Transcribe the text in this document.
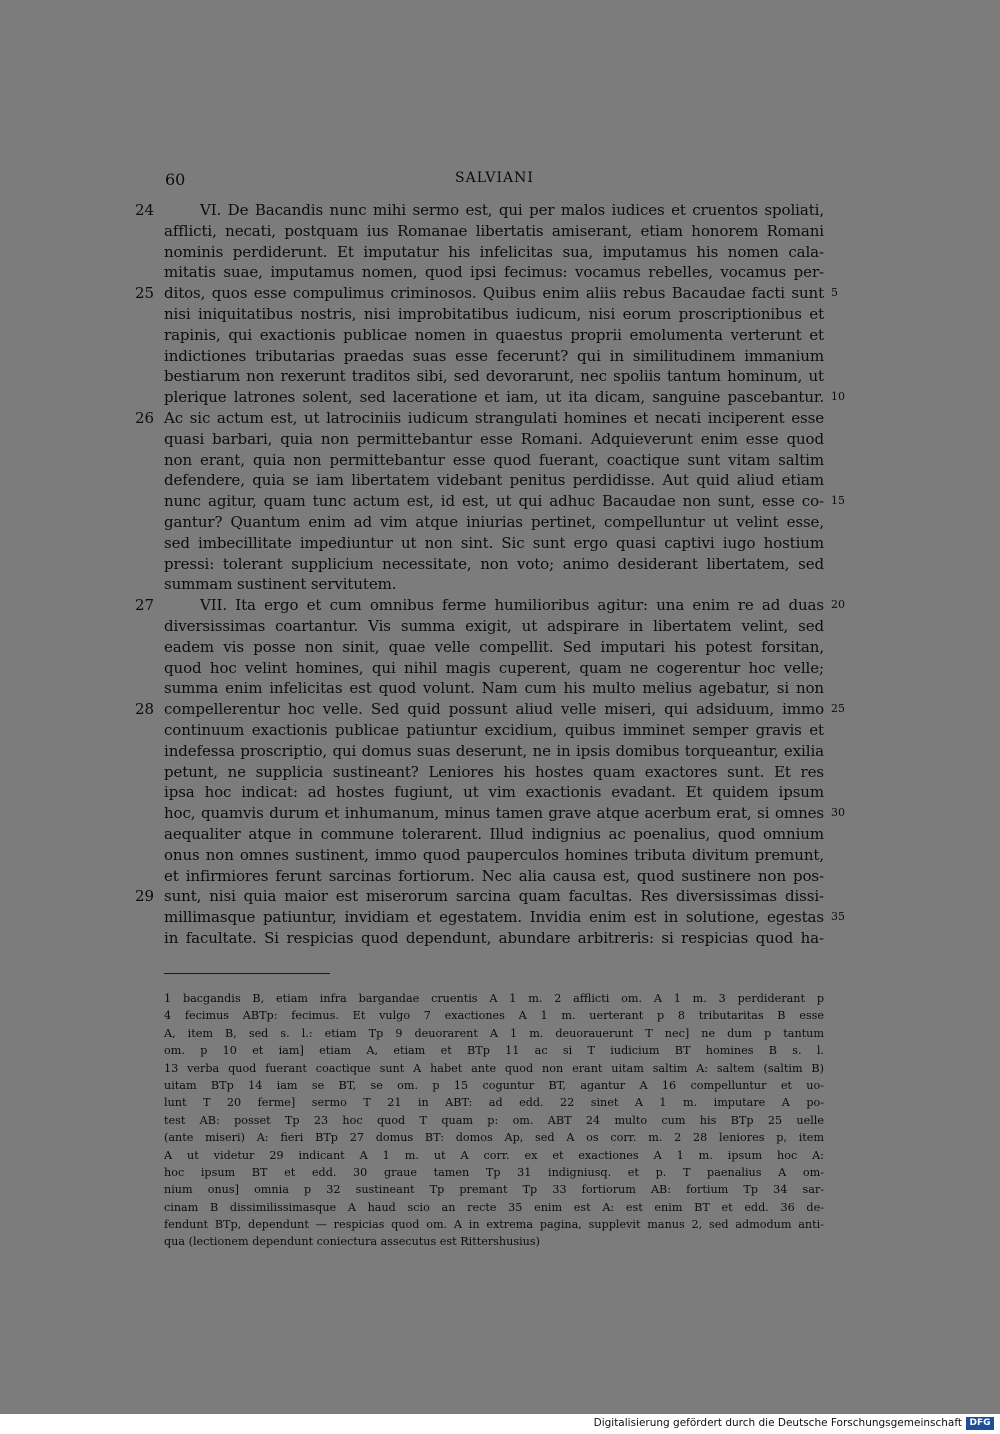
60	SALVIANI
24	VI. De Bacandis nunc mihi sermo est, qui per malos iudices et cruentos spoliati,
afflicti, necati, postquam ius Romanae libertatis amiserant, etiam honorem Romani
nominis perdiderunt. Et imputatur his infelicitas sua, imputamus his nomen cala-
mitatis suae, imputamus nomen, quod ipsi fecimus: vocamus rebelles, vocamus per-
25 ditos, quos esse compulimus criminosos. Quibus enim aliis rebus Bacaudae facti sunt 5
nisi iniquitatibus nostris, nisi improbitatibus iudicum, nisi eorum proscriptionibus et
rapinis, qui exactionis publicae nomen in quaestus proprii emolumenta verterunt et
indictiones tributarias praedas suas esse fecerunt? qui in similitudinem immanium
bestiarum non rexerunt traditos sibi, sed devorarunt, nec spoliis tantum hominum, ut
plerique latrones solent, sed laceratione et iam, ut ita dicam, sanguine pascebantur. 10
26 Ac sic actum est, ut latrociniis iudicum strangulati homines et necati inciperent esse
quasi barbari, quia non permittebantur esse Romani. Adquieverunt enim esse quod
non erant, quia non permittebantur esse quod fuerant, coactique sunt vitam saltim
defendere, quia se iam libertatem videbant penitus perdidisse. Aut quid aliud etiam
nunc agitur, quam tunc actum est, id est, ut qui adhuc Bacaudae non sunt, esse co- 15
gantur? Quantum enim ad vim atque iniurias pertinet, compelluntur ut velint esse,
sed imbecillitate impediuntur ut non sint. Sic sunt ergo quasi captivi iugo hostium
pressi: tolerant supplicium necessitate, non voto; animo desiderant libertatem, sed
summam sustinent servitutem.
27	VII. Ita ergo et cum omnibus ferme humilioribus agitur: una enim re ad duas 20
diversissimas coartantur. Vis summa exigit, ut adspirare in libertatem velint, sed
eadem vis posse non sinit, quae velle compellit. Sed imputari his potest forsitan,
quod hoc velint homines, qui nihil magis cuperent, quam ne cogerentur hoc velle;
summa enim infelicitas est quod volunt. Nam cum his multo melius agebatur, si non
28 compellerentur hoc velle. Sed quid possunt aliud velle miseri, qui adsiduum, immo 25
continuum exactionis publicae patiuntur excidium, quibus imminet semper gravis et
indefessa proscriptio, qui domus suas deserunt, ne in ipsis domibus torqueantur, exilia
petunt, ne supplicia sustineant? Leniores his hostes quam exactores sunt. Et res
ipsa hoc indicat: ad hostes fugiunt, ut vim exactionis evadant. Et quidem ipsum
hoc, quamvis durum et inhumanum, minus tamen grave atque acerbum erat, si omnes 30
aequaliter atque in commune tolerarent. Illud indignius ac poenalius, quod omnium
onus non omnes sustinent, immo quod pauperculos homines tributa divitum premunt,
et infirmiores ferunt sarcinas fortiorum. Nec alia causa est, quod sustinere non pos-
29 sunt, nisi quia maior est miserorum sarcina quam facultas. Res diversissimas dissi-
millimasque patiuntur, invidiam et egestatem. Invidia enim est in solutione, egestas 35
in facultate. Si respicias quod dependunt, abundare arbitreris: si respicias quod ha-
1 bacgandis B, etiam infra bargandae cruentis A 1 m. 2 afflicti om. A 1 m. 3 perdiderant p
4 fecimus ABTp: fecimus. Et vulgo 7 exactiones A 1 m. uerterant p 8 tributaritas B esse
A, item B, sed s. l.: etiam Tp 9 deuorarent A 1 m. deuorauerunt T nec] ne dum p tantum
om. p 10 et iam] etiam A, etiam et BTp 11 ac si T iudicium BT homines B s. l.
13 verba quod fuerant coactique sunt A habet ante quod non erant uitam saltim A: saltem (saltim B)
uitam BTp 14 iam se BT, se om. p 15 coguntur BT, agantur A 16 compelluntur et uo-
lunt T 20 ferme] sermo T 21 in ABT: ad edd. 22 sinet A 1 m. imputare A po-
test AB: posset Tp 23 hoc quod T quam p: om. ABT 24 multo cum his BTp 25 uelle
(ante miseri) A: fieri BTp 27 domus BT: domos Ap, sed A os corr. m. 2 28 leniores p, item
A ut videtur 29 indicant A 1 m. ut A corr. ex et exactiones A 1 m. ipsum hoc A:
hoc ipsum BT et edd. 30 graue tamen Tp 31 indigniusq. et p. T paenalius A om-
nium onus] omnia p 32 sustineant Tp premant Tp 33 fortiorum AB: fortium Tp 34 sar-
cinam B dissimilissimasque A haud scio an recte 35 enim est A: est enim BT et edd. 36 de-
fendunt BTp, dependunt — respicias quod om. A in extrema pagina, supplevit manus 2, sed admodum anti-
qua (lectionem dependunt coniectura assecutus est Rittershusius)
Digitalisierung gefördert durch die Deutsche Forschungsgemeinschaft DFG
